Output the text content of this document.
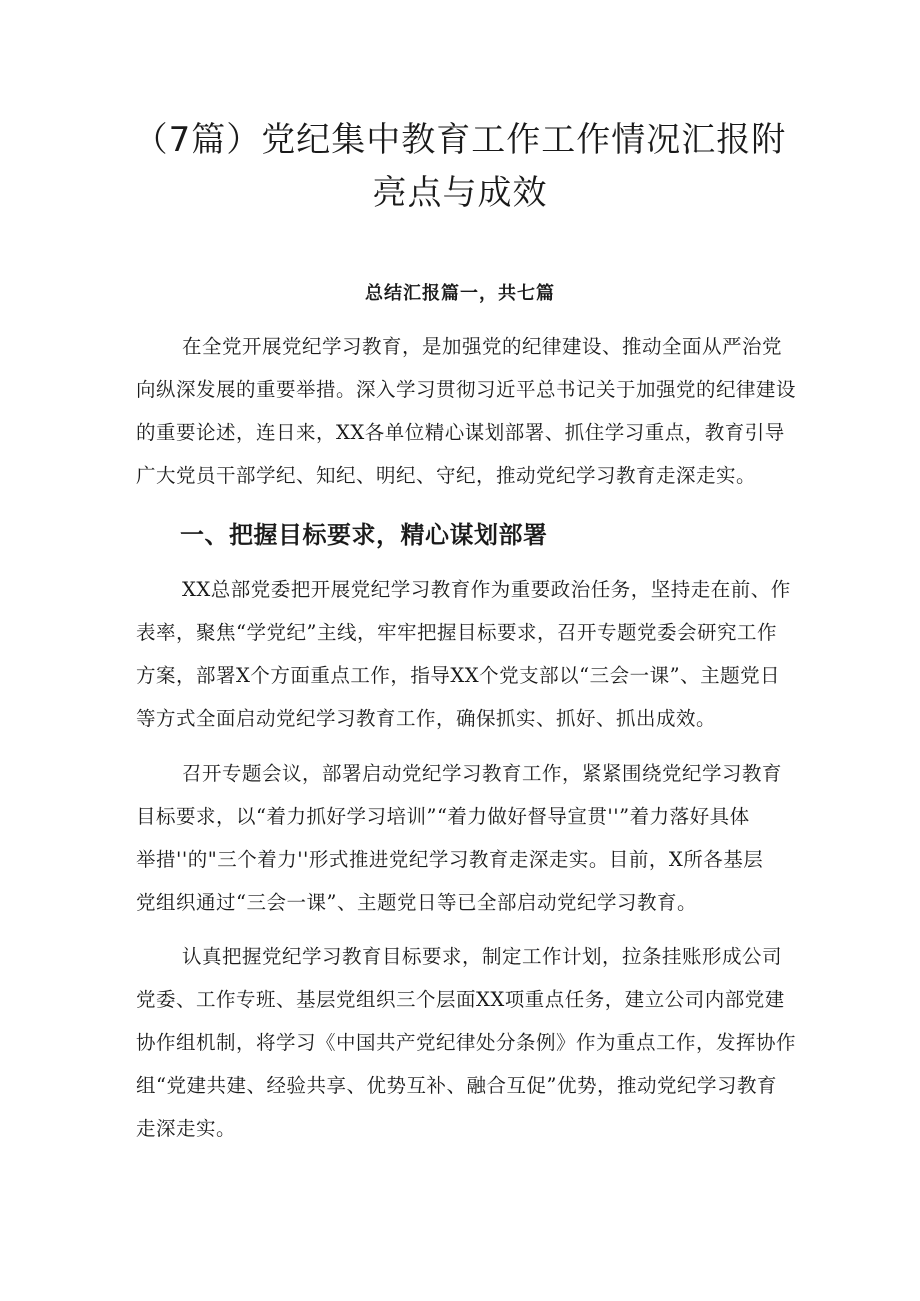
（7篇）党纪集中教育工作工作情况汇报附
亮点与成效
总结汇报篇一，共七篇

在全党开展党纪学习教育，是加强党的纪律建设、推动全面从严治党
向纵深发展的重要举措。深入学习贯彻习近平总书记关于加强党的纪律建设
的重要论述，连日来，XX各单位精心谋划部署、抓住学习重点，教育引导
广大党员干部学纪、知纪、明纪、守纪，推动党纪学习教育走深走实。

一、把握目标要求，精心谋划部署

XX总部党委把开展党纪学习教育作为重要政治任务，坚持走在前、作
表率，聚焦“学党纪”主线，牢牢把握目标要求，召开专题党委会研究工作
方案，部署X个方面重点工作，指导XX个党支部以“三会一课”、主题党日
等方式全面启动党纪学习教育工作，确保抓实、抓好、抓出成效。

召开专题会议，部署启动党纪学习教育工作，紧紧围绕党纪学习教育
目标要求，以“着力抓好学习培训”“着力做好督导宣贯''”着力落好具体
举措''的"三个着力''形式推进党纪学习教育走深走实。目前，X所各基层
党组织通过“三会一课”、主题党日等已全部启动党纪学习教育。

认真把握党纪学习教育目标要求，制定工作计划，拉条挂账形成公司
党委、工作专班、基层党组织三个层面XX项重点任务，建立公司内部党建
协作组机制，将学习《中国共产党纪律处分条例》作为重点工作，发挥协作
组“党建共建、经验共享、优势互补、融合互促”优势，推动党纪学习教育
走深走实。
